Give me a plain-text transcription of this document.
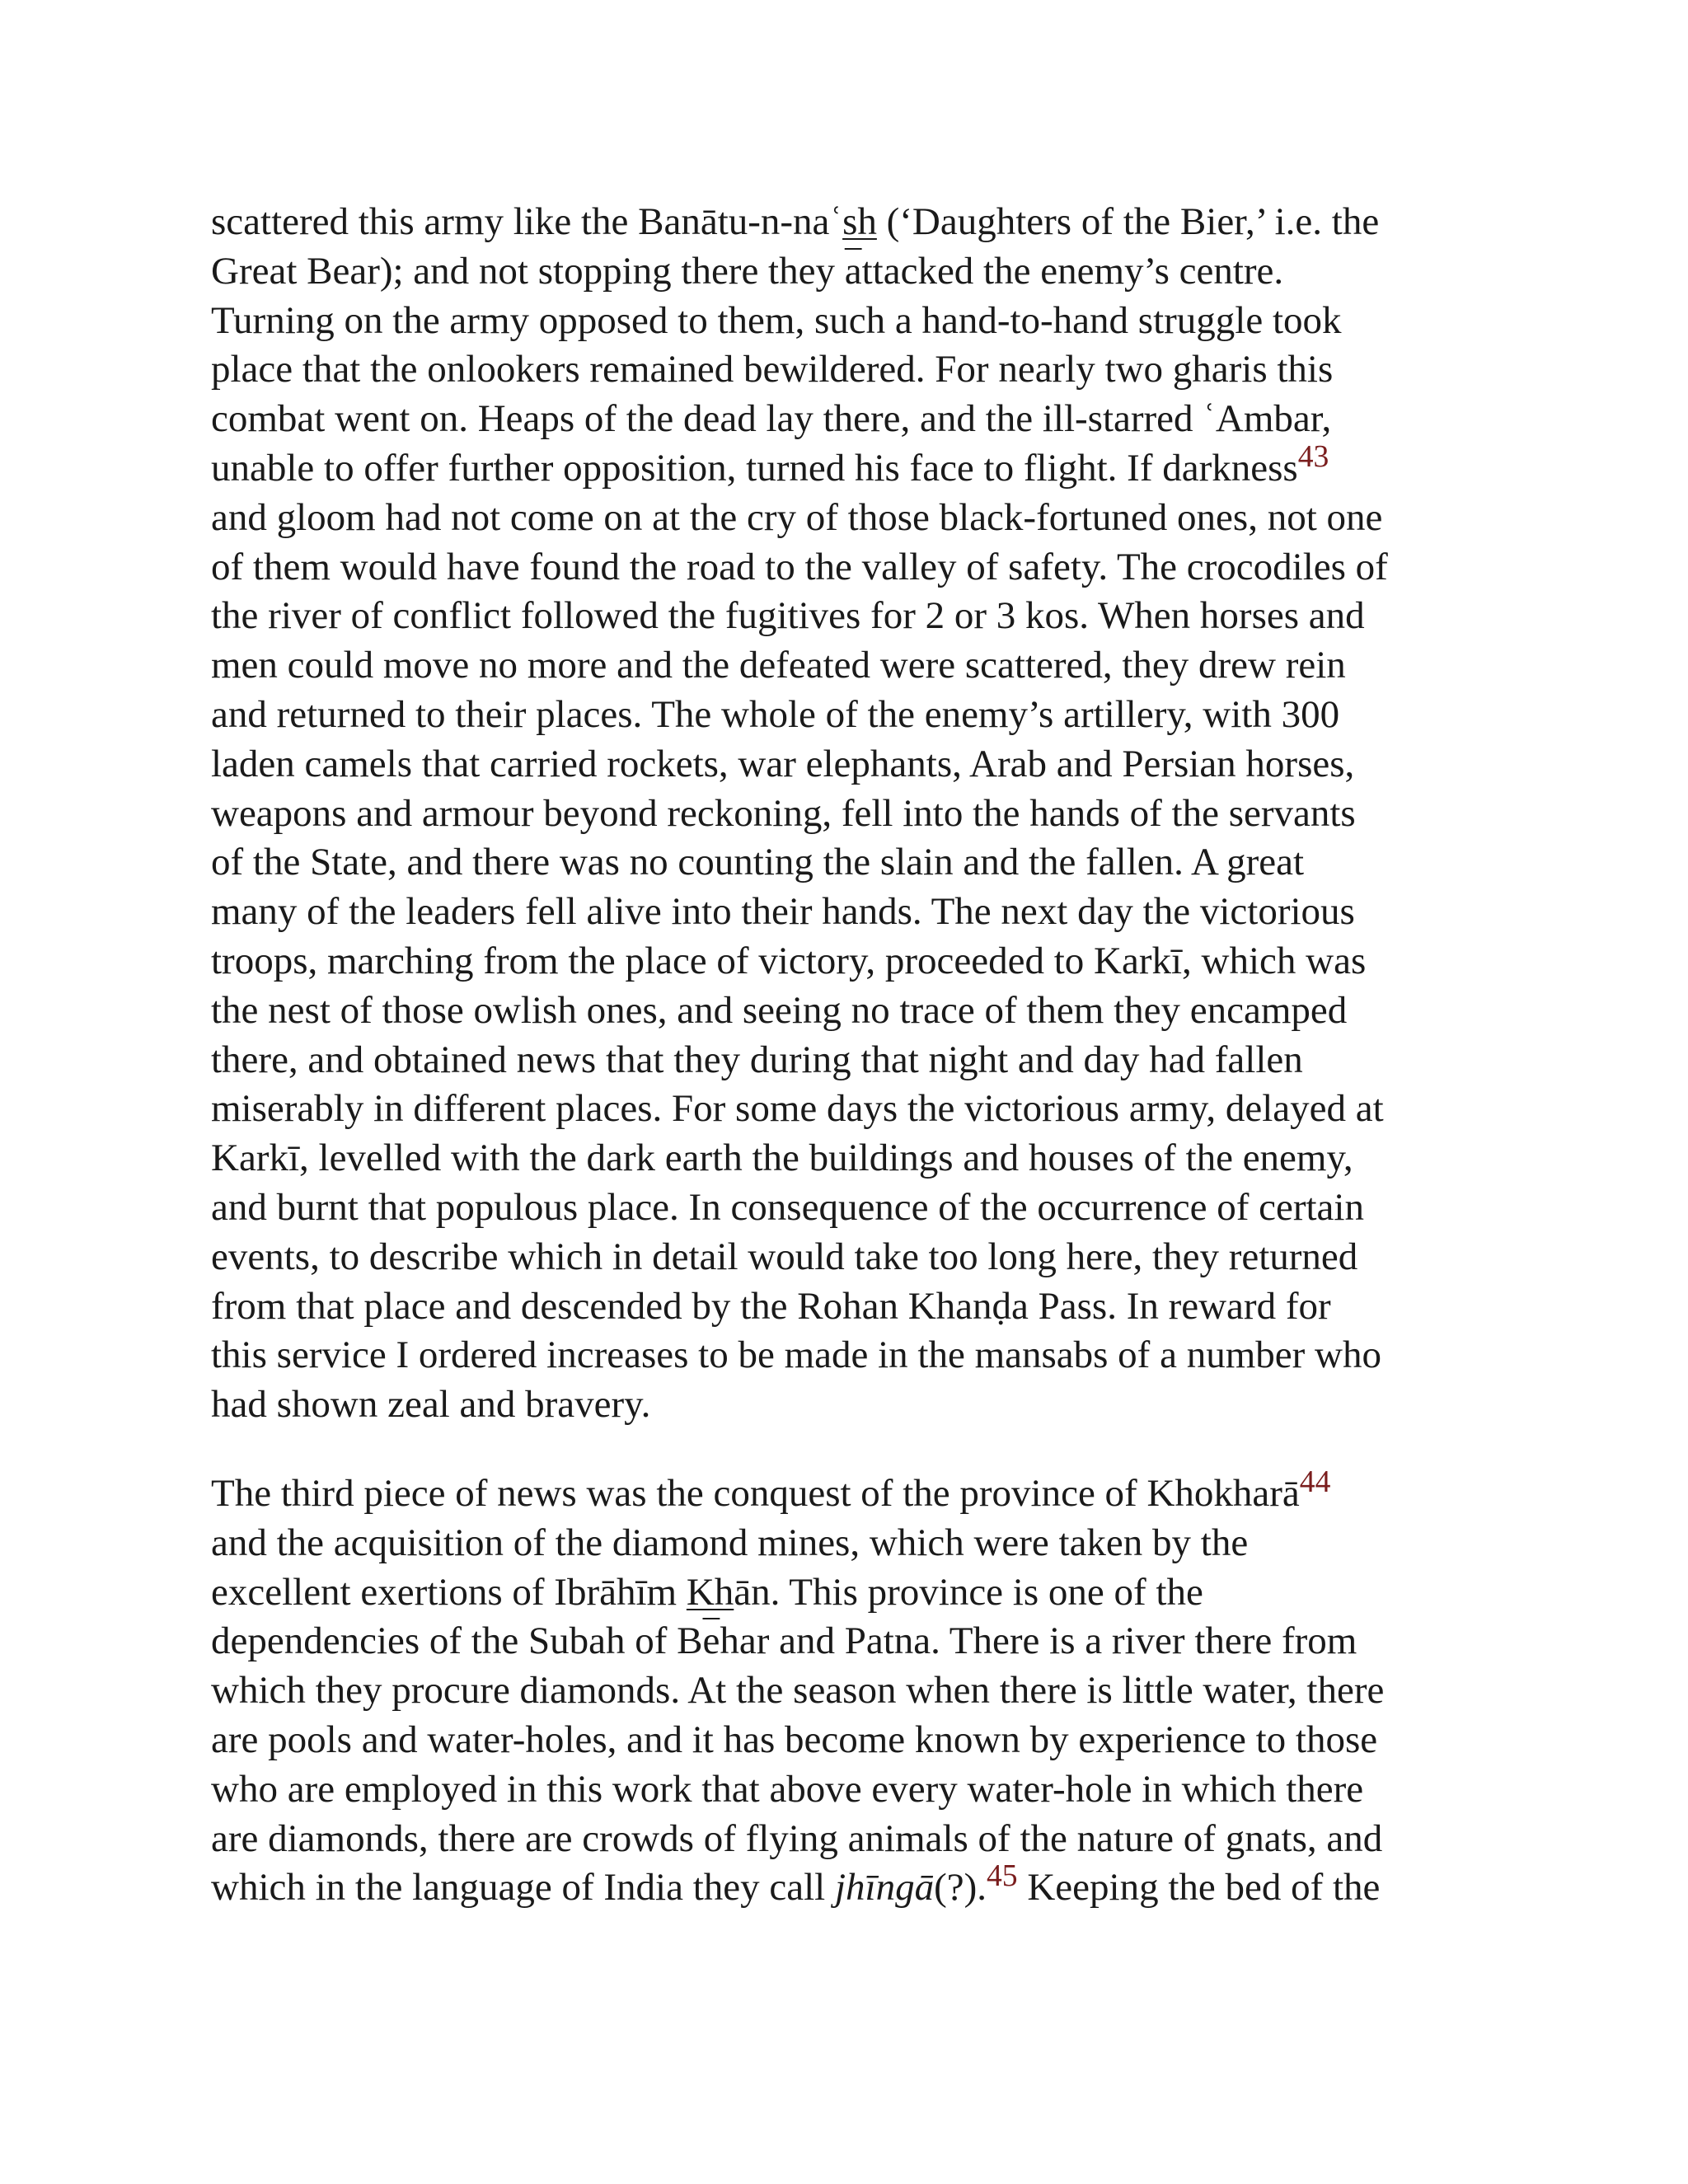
scattered this army like the Banātu-n-naʿsh (‘Daughters of the Bier,’ i.e. the
Great Bear); and not stopping there they $\overline{a}ttacked$ the enemy’s centre.
Turning on the army opposed to them, such a hand-to-hand struggle took
place that the onlookers remained bewildered. For nearly two gharis this
combat went on. Heaps of the dead lay there, and the ill-starred ʿAmbar,
unable to offer further opposition, turned his face to flight. If darkness$^{43}$
and gloom had not come on at the cry of those black-fortuned ones, not one
of them would have found the road to the valley of safety. The crocodiles of
the river of conflict followed the fugitives for 2 or 3 kos. When horses and
men could move no more and the defeated were scattered, they drew rein
and returned to their places. The whole of the enemy’s artillery, with 300
laden camels that carried rockets, war elephants, Arab and Persian horses,
weapons and armour beyond reckoning, fell into the hands of the servants
of the State, and there was no counting the slain and the fallen. A great
many of the leaders fell alive into their hands. The next day the victorious
troops, marching from the place of victory, proceeded to Karkī, which was
the nest of those owlish ones, and seeing no trace of them they encamped
there, and obtained news that they during that night and day had fallen
miserably in different places. For some days the victorious army, delayed at
Karkī, levelled with the dark earth the buildings and houses of the enemy,
and burnt that populous place. In consequence of the occurrence of certain
events, to describe which in detail would take too long here, they returned
from that place and descended by the Rohan Khanḍa Pass. In reward for
this service I ordered increases to be made in the mansabs of a number who
had shown zeal and bravery.
The third piece of news was the conquest of the province of Khokharā$^{44}$
and the acquisition of the diamond mines, which were taken by the
excellent exertions of Ibrāhīm Khān. This province is one of the
dependencies of the Subah of $B\overline{e}har$ and Patna. There is a river there from
which they procure diamonds. At the season when there is little water, there
are pools and water-holes, and it has become known by experience to those
who are employed in this work that above every water-hole in which there
are diamonds, there are crowds of flying animals of the nature of gnats, and
which in the language of India they call jhīngā(?).$^{45}$ Keeping the bed of the
